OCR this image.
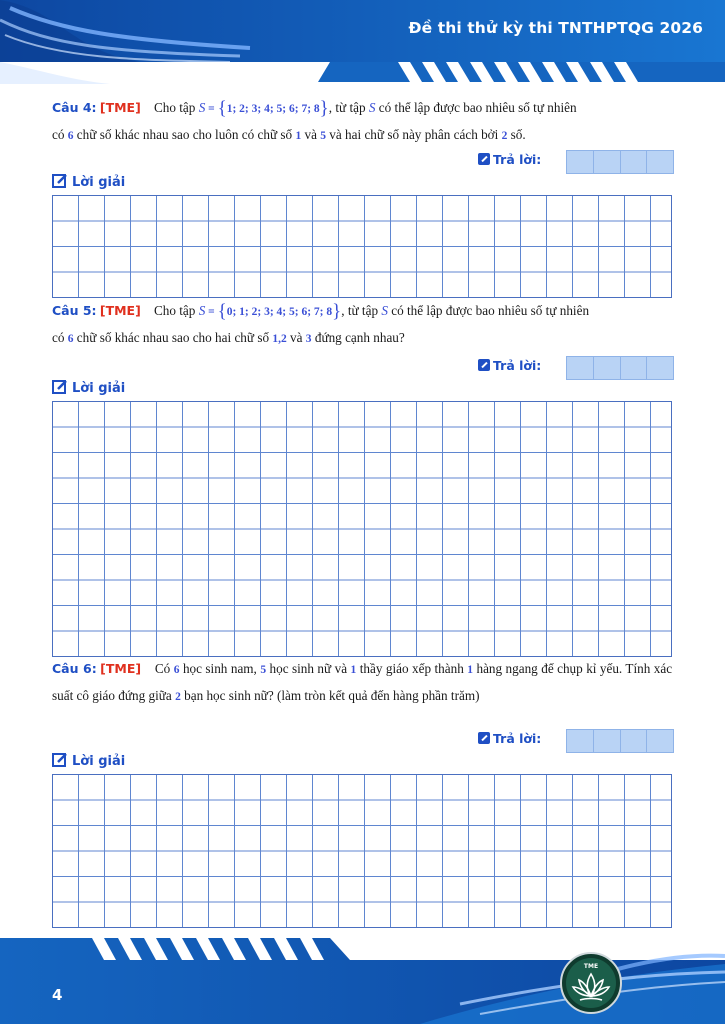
Đề thi thử kỳ thi TNTHPTQG 2026
Câu 4: [TME] Cho tập S = {1; 2; 3; 4; 5; 6; 7; 8}, từ tập S có thể lập được bao nhiêu số tự nhiên
có 6 chữ số khác nhau sao cho luôn có chữ số 1 và 5 và hai chữ số này phân cách bởi 2 số.
Trả lời:
Lời giải
Câu 5: [TME] Cho tập S = {0; 1; 2; 3; 4; 5; 6; 7; 8}, từ tập S có thể lập được bao nhiêu số tự nhiên
có 6 chữ số khác nhau sao cho hai chữ số 1,2 và 3 đứng cạnh nhau?
Trả lời:
Lời giải
Câu 6: [TME] Có 6 học sinh nam, 5 học sinh nữ và 1 thầy giáo xếp thành 1 hàng ngang để chụp kỉ yếu. Tính xác suất cô giáo đứng giữa 2 bạn học sinh nữ? (làm tròn kết quả đến hàng phần trăm)
Trả lời:
Lời giải
4
TME
